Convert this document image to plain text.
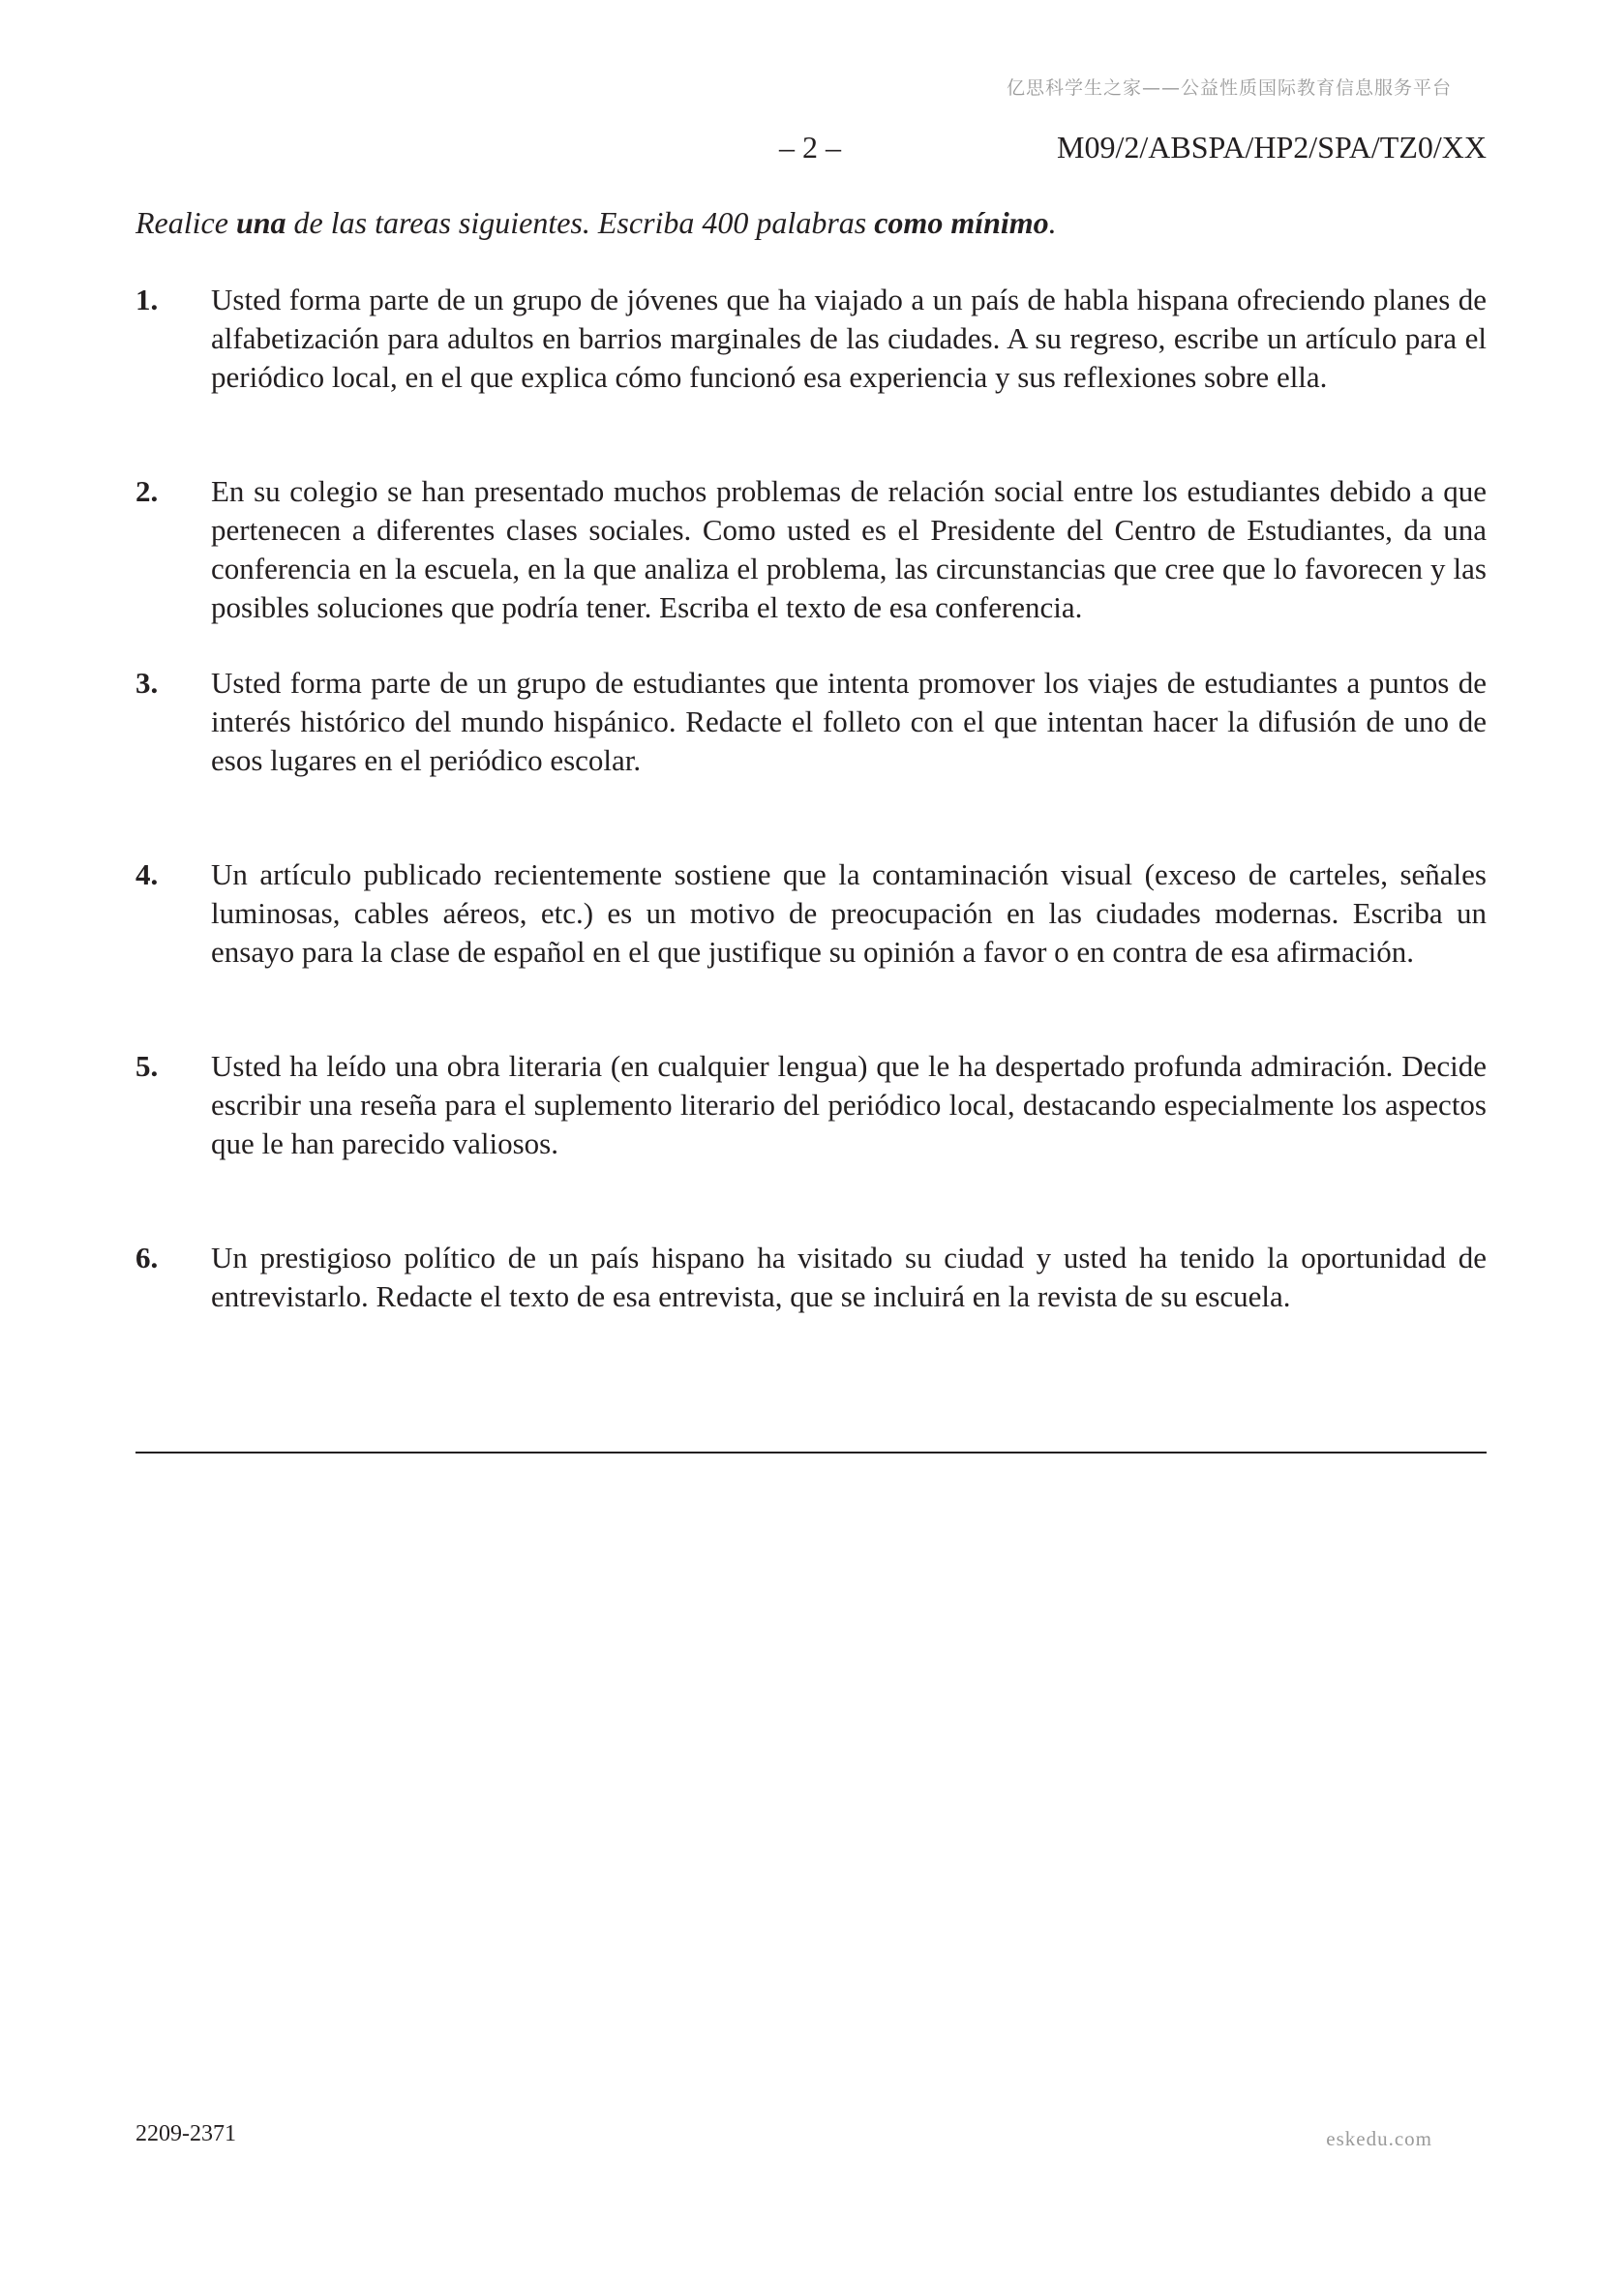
亿思科学生之家——公益性质国际教育信息服务平台
– 2 –	M09/2/ABSPA/HP2/SPA/TZ0/XX
Realice una de las tareas siguientes. Escriba 400 palabras como mínimo.
1. Usted forma parte de un grupo de jóvenes que ha viajado a un país de habla hispana ofreciendo planes de alfabetización para adultos en barrios marginales de las ciudades. A su regreso, escribe un artículo para el periódico local, en el que explica cómo funcionó esa experiencia y sus reflexiones sobre ella.
2. En su colegio se han presentado muchos problemas de relación social entre los estudiantes debido a que pertenecen a diferentes clases sociales. Como usted es el Presidente del Centro de Estudiantes, da una conferencia en la escuela, en la que analiza el problema, las circunstancias que cree que lo favorecen y las posibles soluciones que podría tener. Escriba el texto de esa conferencia.
3. Usted forma parte de un grupo de estudiantes que intenta promover los viajes de estudiantes a puntos de interés histórico del mundo hispánico. Redacte el folleto con el que intentan hacer la difusión de uno de esos lugares en el periódico escolar.
4. Un artículo publicado recientemente sostiene que la contaminación visual (exceso de carteles, señales luminosas, cables aéreos, etc.) es un motivo de preocupación en las ciudades modernas. Escriba un ensayo para la clase de español en el que justifique su opinión a favor o en contra de esa afirmación.
5. Usted ha leído una obra literaria (en cualquier lengua) que le ha despertado profunda admiración. Decide escribir una reseña para el suplemento literario del periódico local, destacando especialmente los aspectos que le han parecido valiosos.
6. Un prestigioso político de un país hispano ha visitado su ciudad y usted ha tenido la oportunidad de entrevistarlo. Redacte el texto de esa entrevista, que se incluirá en la revista de su escuela.
2209-2371	eskedu.com
